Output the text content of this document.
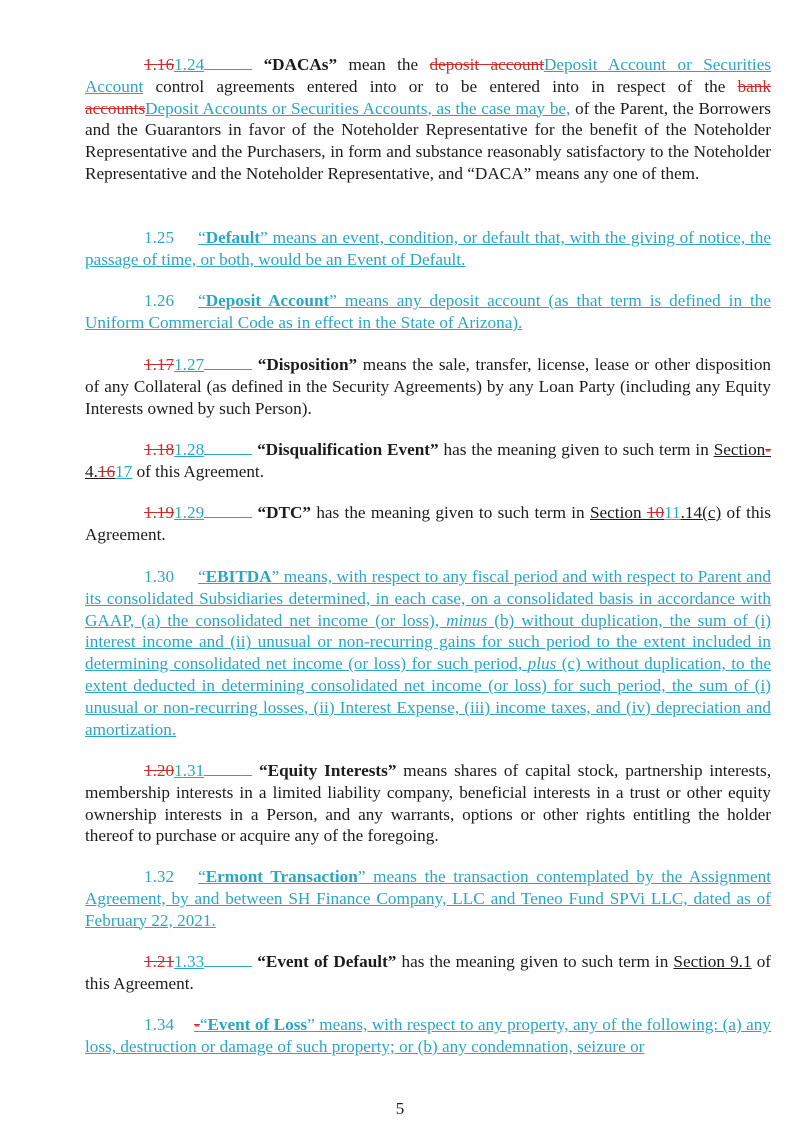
1.161.24	“DACAs” mean the deposit accountDeposit Account or Securities Account control agreements entered into or to be entered into in respect of the bank accountsDeposit Accounts or Securities Accounts, as the case may be, of the Parent, the Borrowers and the Guarantors in favor of the Noteholder Representative for the benefit of the Noteholder Representative and the Purchasers, in form and substance reasonably satisfactory to the Noteholder Representative and the Noteholder Representative, and “DACA” means any one of them.

1.25 “Default” means an event, condition, or default that, with the giving of notice, the passage of time, or both, would be an Event of Default.

1.26 “Deposit Account” means any deposit account (as that term is defined in the Uniform Commercial Code as in effect in the State of Arizona).

1.171.27	“Disposition” means the sale, transfer, license, lease or other disposition of any Collateral (as defined in the Security Agreements) by any Loan Party (including any Equity Interests owned by such Person).

1.181.28	“Disqualification Event” has the meaning given to such term in Section- 4.1617 of this Agreement.

1.191.29	“DTC” has the meaning given to such term in Section 1011.14(c) of this Agreement.

1.30 “EBITDA” means, with respect to any fiscal period and with respect to Parent and its consolidated Subsidiaries determined, in each case, on a consolidated basis in accordance with GAAP, (a) the consolidated net income (or loss), minus (b) without duplication, the sum of (i) interest income and (ii) unusual or non-recurring gains for such period to the extent included in determining consolidated net income (or loss) for such period, plus (c) without duplication, to the extent deducted in determining consolidated net income (or loss) for such period, the sum of (i) unusual or non-recurring losses, (ii) Interest Expense, (iii) income taxes, and (iv) depreciation and amortization.

1.201.31	“Equity Interests” means shares of capital stock, partnership interests, membership interests in a limited liability company, beneficial interests in a trust or other equity ownership interests in a Person, and any warrants, options or other rights entitling the holder thereof to purchase or acquire any of the foregoing.

1.32 “Ermont Transaction” means the transaction contemplated by the Assignment Agreement, by and between SH Finance Company, LLC and Teneo Fund SPVi LLC, dated as of February 22, 2021.

1.211.33	“Event of Default” has the meaning given to such term in Section 9.1 of this Agreement.

1.34 -“Event of Loss” means, with respect to any property, any of the following: (a) any loss, destruction or damage of such property; or (b) any condemnation, seizure or

5
